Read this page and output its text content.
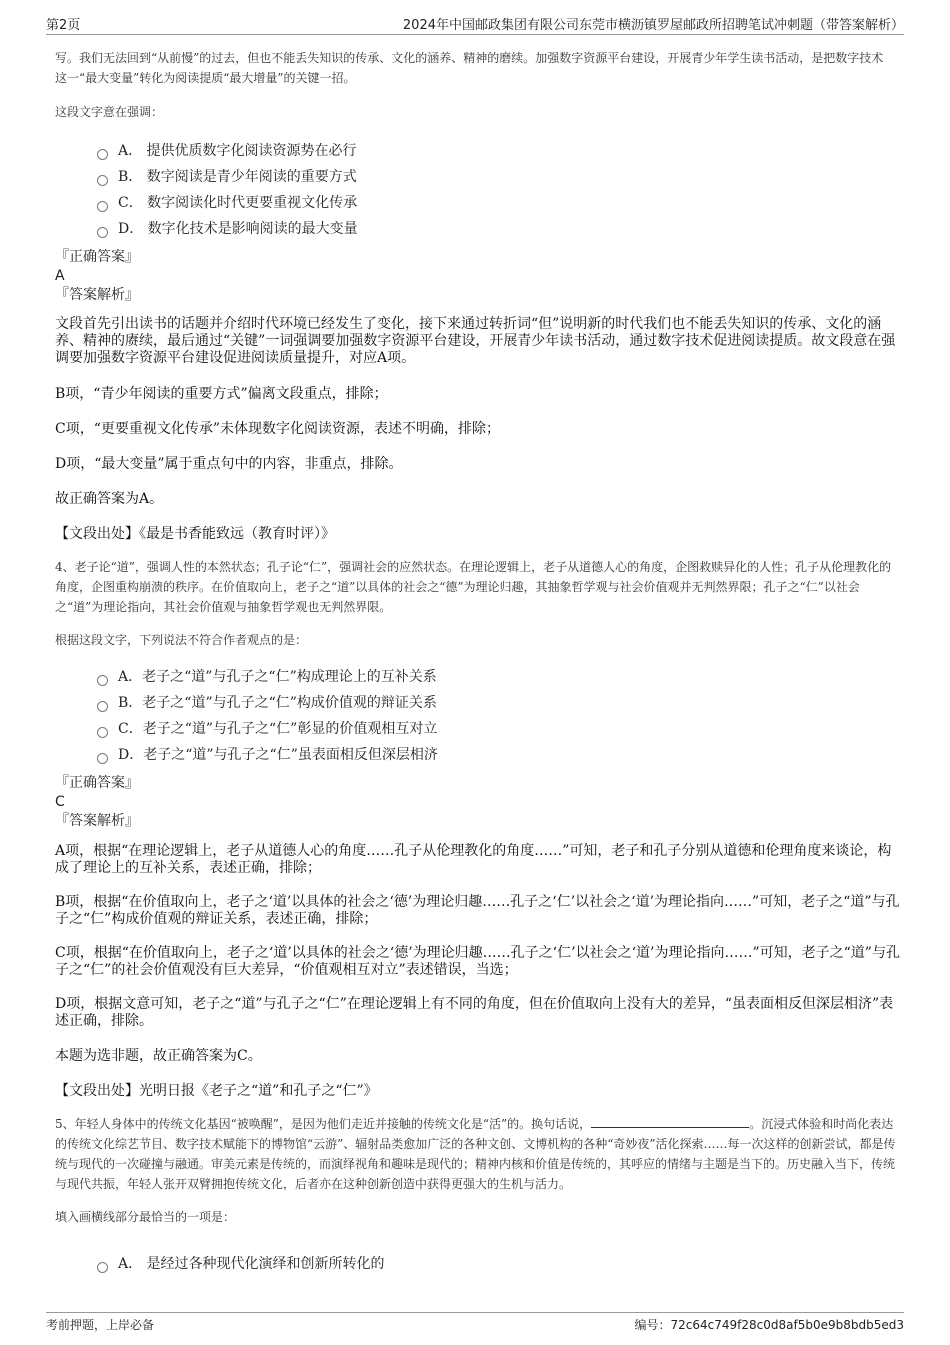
第2页	2024年中国邮政集团有限公司东莞市横沥镇罗屋邮政所招聘笔试冲刺题（带答案解析）

写。我们无法回到“从前慢”的过去，但也不能丢失知识的传承、文化的涵养、精神的磨续。加强数字资源平台建设，开展青少年学生读书活动，是把数字技术这一“最大变量”转化为阅读提质“最大增量”的关键一招。

这段文字意在强调：

A． 提供优质数字化阅读资源势在必行
B． 数字阅读是青少年阅读的重要方式
C． 数字阅读化时代更要重视文化传承
D． 数字化技术是影响阅读的最大变量

『正确答案』

A

『答案解析』

文段首先引出读书的话题并介绍时代环境已经发生了变化，接下来通过转折词“但”说明新的时代我们也不能丢失知识的传承、文化的涵养、精神的赓续，最后通过“关键”一词强调要加强数字资源平台建设，开展青少年读书活动，通过数字技术促进阅读提质。故文段意在强调要加强数字资源平台建设促进阅读质量提升，对应A项。

B项，“青少年阅读的重要方式”偏离文段重点，排除；

C项，“更要重视文化传承”未体现数字化阅读资源，表述不明确，排除；

D项，“最大变量”属于重点句中的内容，非重点，排除。

故正确答案为A。

【文段出处】《最是书香能致远（教育时评）》

4、老子论“道”，强调人性的本然状态；孔子论“仁”，强调社会的应然状态。在理论逻辑上，老子从道德人心的角度，企图救赎异化的人性；孔子从伦理教化的角度，企图重构崩溃的秩序。在价值取向上，老子之“道”以具体的社会之“德”为理论归趣，其抽象哲学观与社会价值观并无判然界限；孔子之“仁”以社会之“道”为理论指向，其社会价值观与抽象哲学观也无判然界限。

根据这段文字，下列说法不符合作者观点的是：

A．老子之“道”与孔子之“仁”构成理论上的互补关系
B．老子之“道”与孔子之“仁”构成价值观的辩证关系
C．老子之“道”与孔子之“仁”彰显的价值观相互对立
D．老子之“道”与孔子之“仁”虽表面相反但深层相济

『正确答案』

C

『答案解析』

A项，根据“在理论逻辑上，老子从道德人心的角度……孔子从伦理教化的角度……”可知，老子和孔子分别从道德和伦理角度来谈论，构成了理论上的互补关系，表述正确，排除；

B项，根据“在价值取向上，老子之‘道’以具体的社会之‘德’为理论归趣……孔子之‘仁’以社会之‘道’为理论指向……”可知，老子之“道”与孔子之“仁”构成价值观的辩证关系，表述正确，排除；

C项，根据“在价值取向上，老子之‘道’以具体的社会之‘德’为理论归趣……孔子之‘仁’以社会之‘道’为理论指向……”可知，老子之“道”与孔子之“仁”的社会价值观没有巨大差异，“价值观相互对立”表述错误，当选；

D项，根据文意可知，老子之“道”与孔子之“仁”在理论逻辑上有不同的角度，但在价值取向上没有大的差异，“虽表面相反但深层相济”表述正确，排除。

本题为选非题，故正确答案为C。

【文段出处】光明日报《老子之“道”和孔子之“仁”》

5、年轻人身体中的传统文化基因“被唤醒”，是因为他们走近并接触的传统文化是“活”的。换句话说，	。沉浸式体验和时尚化表达的传统文化综艺节目、数字技术赋能下的博物馆“云游”、辐射品类愈加广泛的各种文创、文博机构的各种“奇妙夜”活化探索……每一次这样的创新尝试，都是传统与现代的一次碰撞与融通。审美元素是传统的，而演绎视角和趣味是现代的；精神内核和价值是传统的，其呼应的情绪与主题是当下的。历史融入当下，传统与现代共振，年轻人张开双臂拥抱传统文化，后者亦在这种创新创造中获得更强大的生机与活力。

填入画横线部分最恰当的一项是：

A． 是经过各种现代化演绎和创新所转化的
考前押题，上岸必备	编号：72c64c749f28c0d8af5b0e9b8bdb5ed3
